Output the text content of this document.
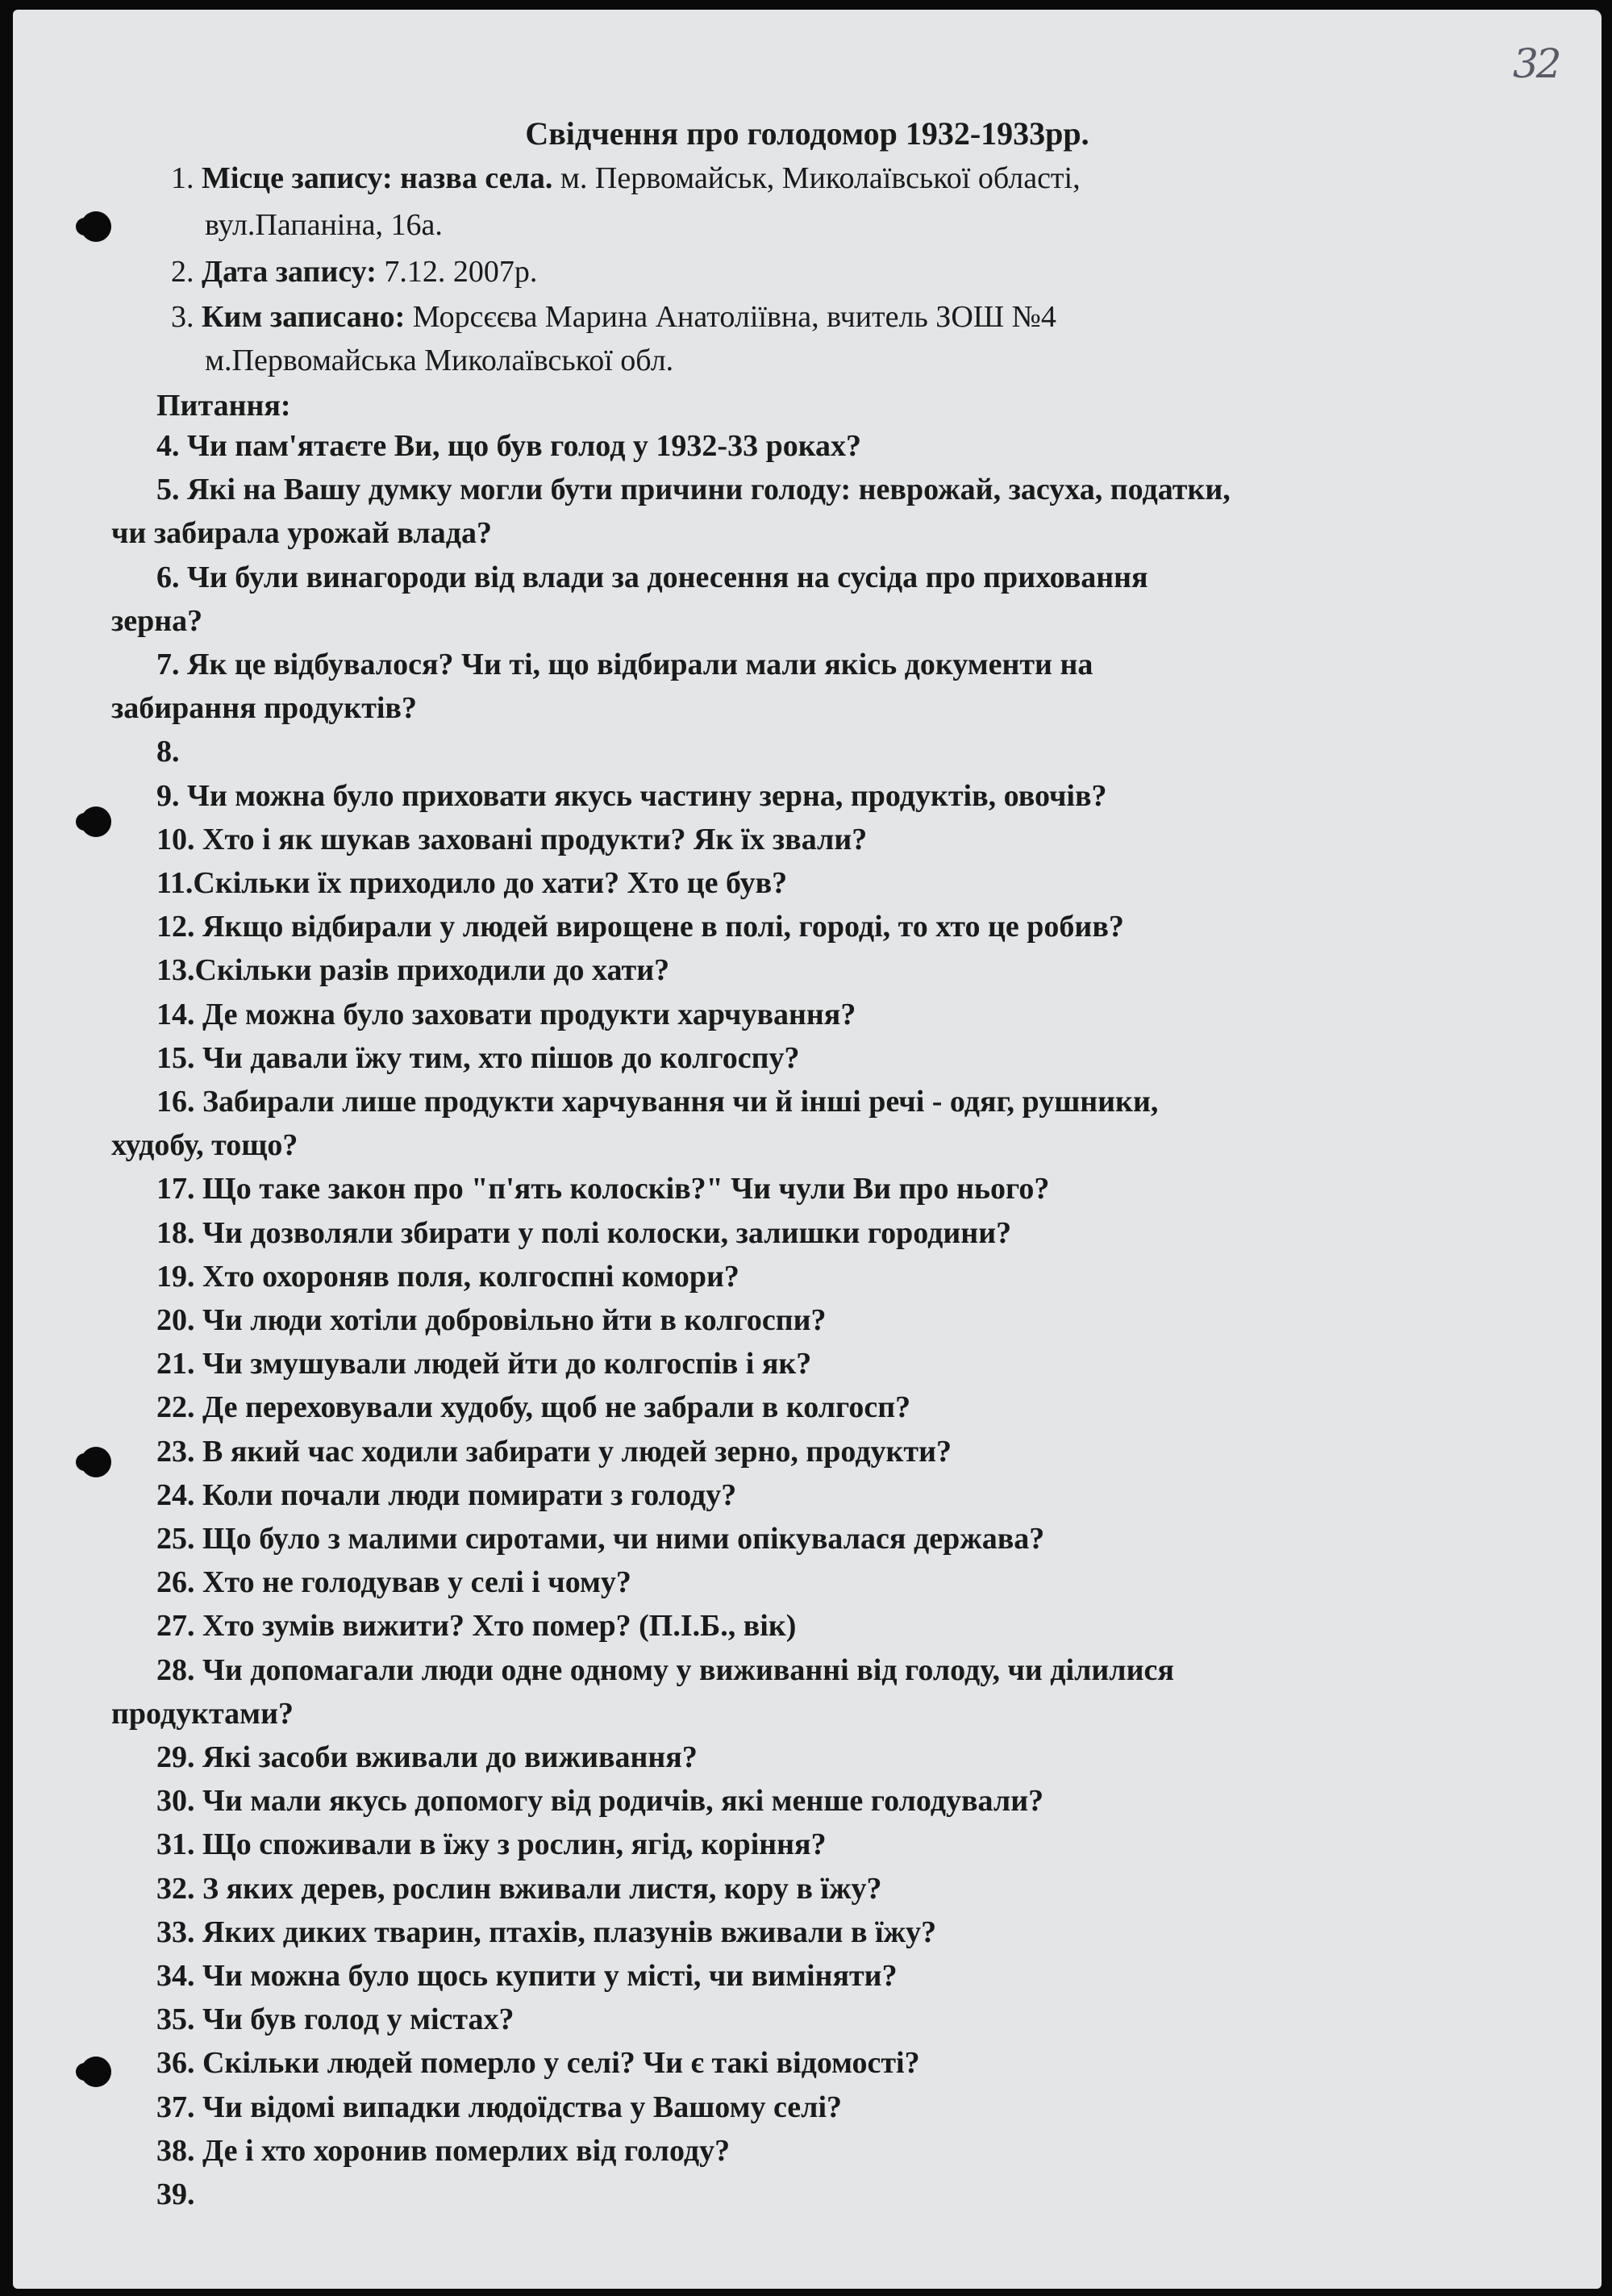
32
Свідчення про голодомор 1932-1933рр.
1. Місце запису: назва села. м. Первомайськ, Миколаївської області,
вул.Папаніна, 16а.
2. Дата запису: 7.12. 2007р.
3. Ким записано: Морсєєва Марина Анатоліївна, вчитель ЗОШ №4
м.Первомайська Миколаївської обл.
Питання:
4. Чи пам'ятаєте Ви, що був голод у 1932-33 роках?
5. Які на Вашу думку могли бути причини голоду: неврожай, засуха, податки,
чи забирала урожай влада?
6. Чи були винагороди від влади за донесення на сусіда про приховання
зерна?
7. Як це відбувалося? Чи ті, що відбирали мали якісь документи на
забирання продуктів?
8.
9. Чи можна було приховати якусь частину зерна, продуктів, овочів?
10. Хто і як шукав заховані продукти? Як їх звали?
11.Скільки їх приходило до хати? Хто це був?
12. Якщо відбирали у людей вирощене в полі, городі, то хто це робив?
13.Скільки разів приходили до хати?
14. Де можна було заховати продукти харчування?
15. Чи давали їжу тим, хто пішов до колгоспу?
16. Забирали лише продукти харчування чи й інші речі - одяг, рушники,
худобу, тощо?
17. Що таке закон про "п'ять колосків?" Чи чули Ви про нього?
18. Чи дозволяли збирати у полі колоски, залишки городини?
19. Хто охороняв поля, колгоспні комори?
20. Чи люди хотіли добровільно йти в колгоспи?
21. Чи змушували людей йти до колгоспів і як?
22. Де переховували худобу, щоб не забрали в колгосп?
23. В який час ходили забирати у людей зерно, продукти?
24. Коли почали люди помирати з голоду?
25. Що було з малими сиротами, чи ними опікувалася держава?
26. Хто не голодував у селі і чому?
27. Хто зумів вижити? Хто помер? (П.І.Б., вік)
28. Чи допомагали люди одне одному у виживанні від голоду, чи ділилися
продуктами?
29. Які засоби вживали до виживання?
30. Чи мали якусь допомогу від родичів, які менше голодували?
31. Що споживали в їжу з рослин, ягід, коріння?
32. З яких дерев, рослин вживали листя, кору в їжу?
33. Яких диких тварин, птахів, плазунів вживали в їжу?
34. Чи можна було щось купити у місті, чи виміняти?
35. Чи був голод у містах?
36. Скільки людей померло у селі? Чи є такі відомості?
37. Чи відомі випадки людоїдства у Вашому селі?
38. Де і хто хоронив померлих від голоду?
39.
